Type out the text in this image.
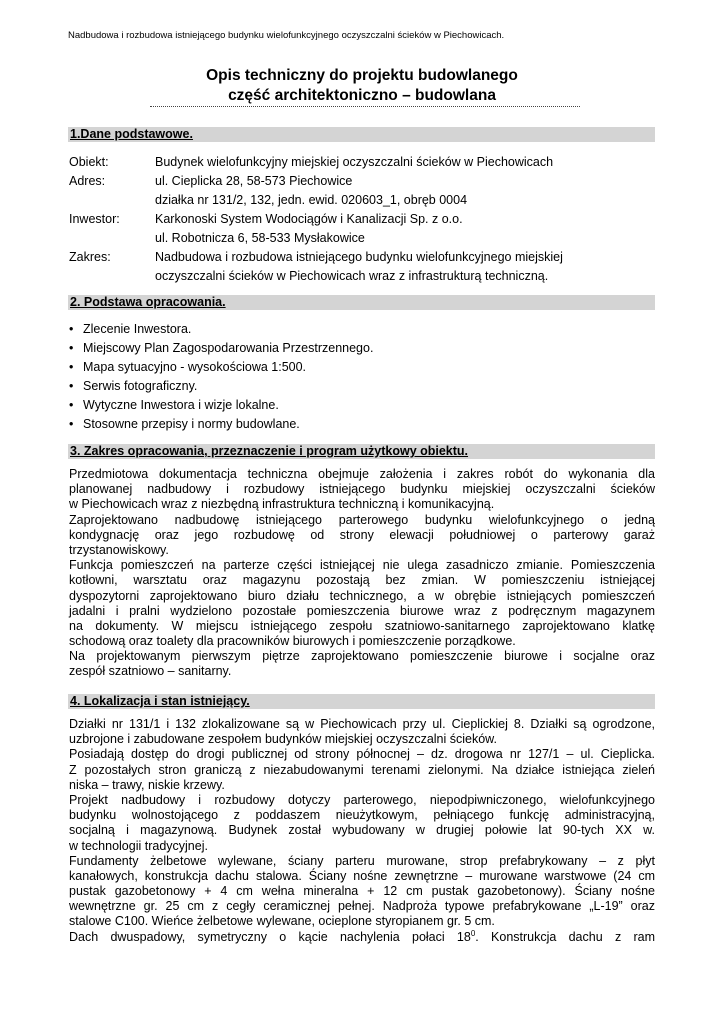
Nadbudowa i rozbudowa istniejącego budynku wielofunkcyjnego oczyszczalni ścieków w Piechowicach.
Opis techniczny do projektu budowlanego
część architektoniczno – budowlana
1.Dane podstawowe.
Obiekt:	Budynek wielofunkcyjny miejskiej oczyszczalni ścieków w Piechowicach
Adres:	ul. Cieplicka 28, 58-573 Piechowice
działka nr 131/2, 132, jedn. ewid. 020603_1, obręb 0004
Inwestor:	Karkonoski System Wodociągów i Kanalizacji Sp. z o.o.
ul. Robotnicza 6, 58-533 Mysłakowice
Zakres:	Nadbudowa i rozbudowa istniejącego budynku wielofunkcyjnego miejskiej
oczyszczalni ścieków w Piechowicach wraz z infrastrukturą techniczną.
2. Podstawa opracowania.
• Zlecenie Inwestora.
• Miejscowy Plan Zagospodarowania Przestrzennego.
• Mapa sytuacyjno - wysokościowa 1:500.
• Serwis fotograficzny.
• Wytyczne Inwestora i wizje lokalne.
• Stosowne przepisy i normy budowlane.
3. Zakres opracowania, przeznaczenie i program użytkowy obiektu.
Przedmiotowa dokumentacja techniczna obejmuje założenia i zakres robót do wykonania dla
planowanej nadbudowy i rozbudowy istniejącego budynku miejskiej oczyszczalni ścieków
w Piechowicach wraz z niezbędną infrastruktura techniczną i komunikacyjną.
Zaprojektowano nadbudowę istniejącego parterowego budynku wielofunkcyjnego o jedną
kondygnację oraz jego rozbudowę od strony elewacji południowej o parterowy garaż
trzystanowiskowy.
Funkcja pomieszczeń na parterze części istniejącej nie ulega zasadniczo zmianie. Pomieszczenia
kotłowni, warsztatu oraz magazynu pozostają bez zmian. W pomieszczeniu istniejącej
dyspozytorni zaprojektowano biuro działu technicznego, a w obrębie istniejących pomieszczeń
jadalni i pralni wydzielono pozostałe pomieszczenia biurowe wraz z podręcznym magazynem
na dokumenty. W miejscu istniejącego zespołu szatniowo-sanitarnego zaprojektowano klatkę
schodową oraz toalety dla pracowników biurowych i pomieszczenie porządkowe.
Na projektowanym pierwszym piętrze zaprojektowano pomieszczenie biurowe i socjalne oraz
zespół szatniowo – sanitarny.
4. Lokalizacja i stan istniejący.
Działki nr 131/1 i 132 zlokalizowane są w Piechowicach przy ul. Cieplickiej 8. Działki są ogrodzone,
uzbrojone i zabudowane zespołem budynków miejskiej oczyszczalni ścieków.
Posiadają dostęp do drogi publicznej od strony północnej – dz. drogowa nr 127/1 – ul. Cieplicka.
Z pozostałych stron graniczą z niezabudowanymi terenami zielonymi. Na działce istniejąca zieleń
niska – trawy, niskie krzewy.
Projekt nadbudowy i rozbudowy dotyczy parterowego, niepodpiwniczonego, wielofunkcyjnego
budynku wolnostojącego z poddaszem nieużytkowym, pełniącego funkcję administracyjną,
socjalną i magazynową. Budynek został wybudowany w drugiej połowie lat 90-tych XX w.
w technologii tradycyjnej.
Fundamenty żelbetowe wylewane, ściany parteru murowane, strop prefabrykowany – z płyt
kanałowych, konstrukcja dachu stalowa. Ściany nośne zewnętrzne – murowane warstwowe (24 cm
pustak gazobetonowy + 4 cm wełna mineralna + 12 cm pustak gazobetonowy). Ściany nośne
wewnętrzne gr. 25 cm z cegły ceramicznej pełnej. Nadproża typowe prefabrykowane „L-19” oraz
stalowe C100. Wieńce żelbetowe wylewane, ocieplone styropianem gr. 5 cm.
Dach dwuspadowy, symetryczny o kącie nachylenia połaci $18^0$. Konstrukcja dachu z ram
